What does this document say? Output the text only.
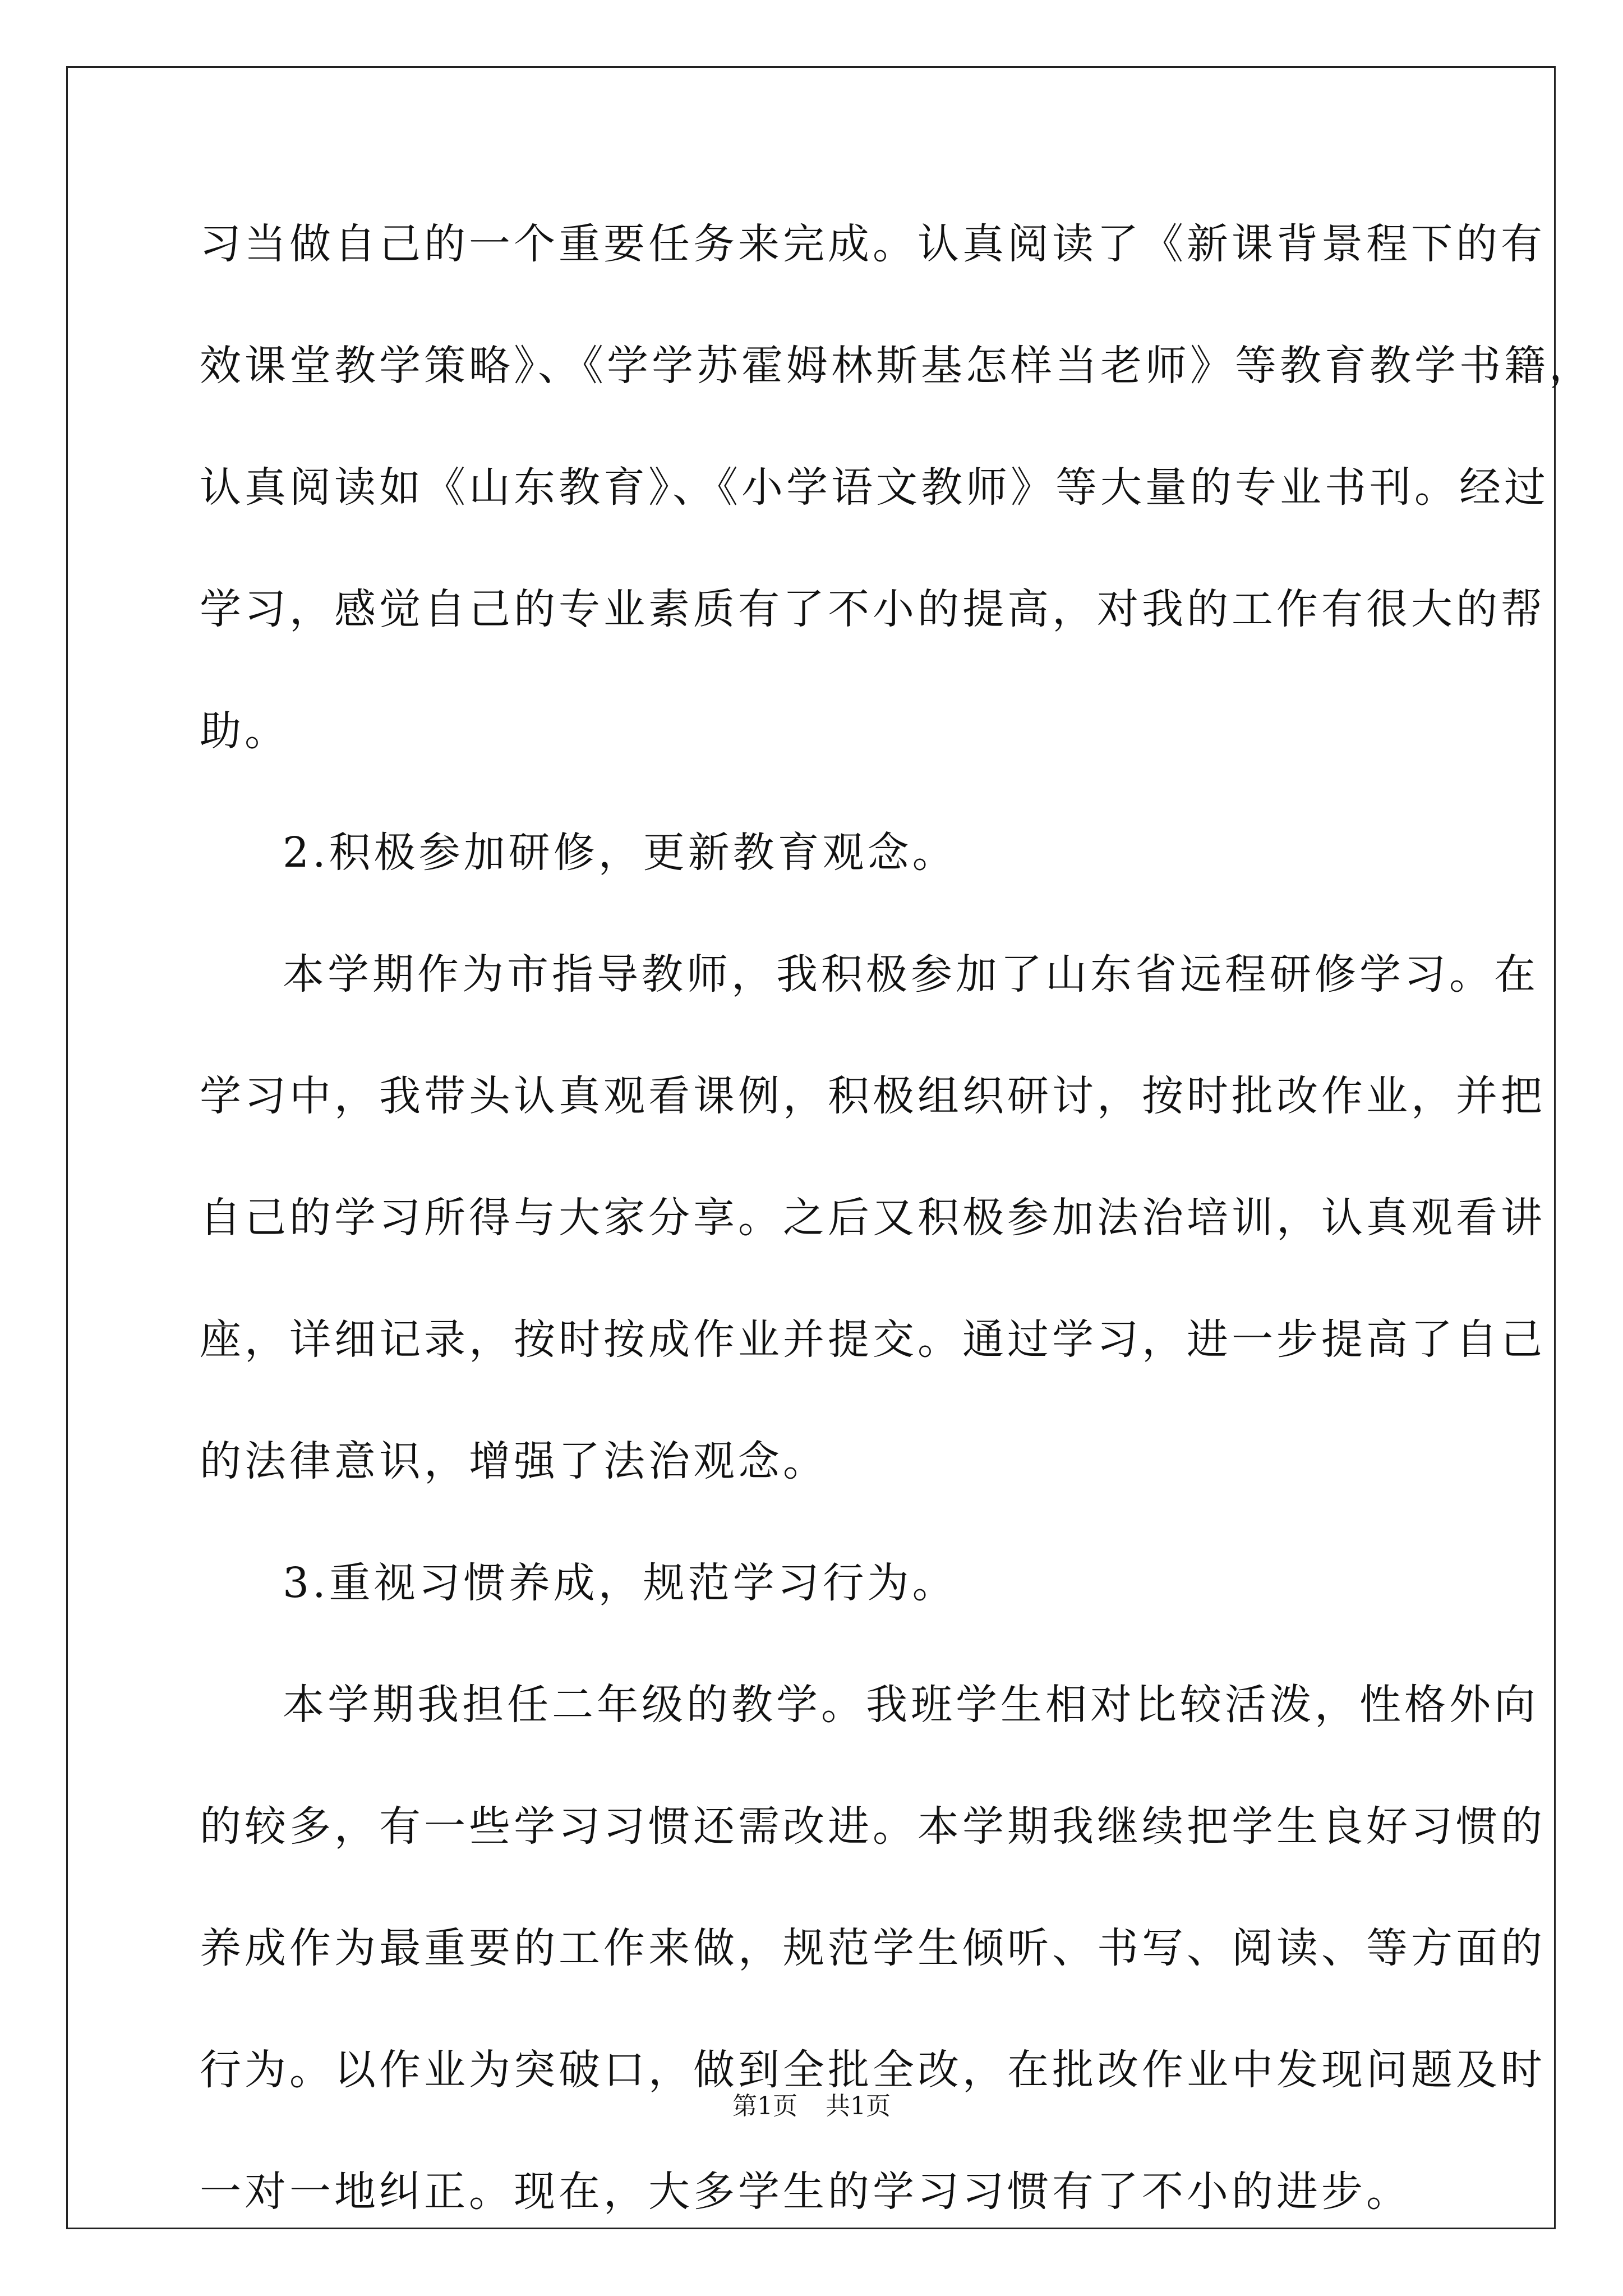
习当做自己的一个重要任务来完成。认真阅读了《新课背景程下的有
效课堂教学策略》、《学学苏霍姆林斯基怎样当老师》等教育教学书籍，
认真阅读如《山东教育》、《小学语文教师》等大量的专业书刊。经过
学习，感觉自己的专业素质有了不小的提高，对我的工作有很大的帮
助。
2.积极参加研修，更新教育观念。
本学期作为市指导教师，我积极参加了山东省远程研修学习。在
学习中，我带头认真观看课例，积极组织研讨，按时批改作业，并把
自己的学习所得与大家分享。之后又积极参加法治培训，认真观看讲
座，详细记录，按时按成作业并提交。通过学习，进一步提高了自己
的法律意识，增强了法治观念。
3.重视习惯养成，规范学习行为。
本学期我担任二年级的教学。我班学生相对比较活泼，性格外向
的较多，有一些学习习惯还需改进。本学期我继续把学生良好习惯的
养成作为最重要的工作来做，规范学生倾听、书写、阅读、等方面的
行为。以作业为突破口，做到全批全改，在批改作业中发现问题及时
一对一地纠正。现在，大多学生的学习习惯有了不小的进步。
第1页 共1页
